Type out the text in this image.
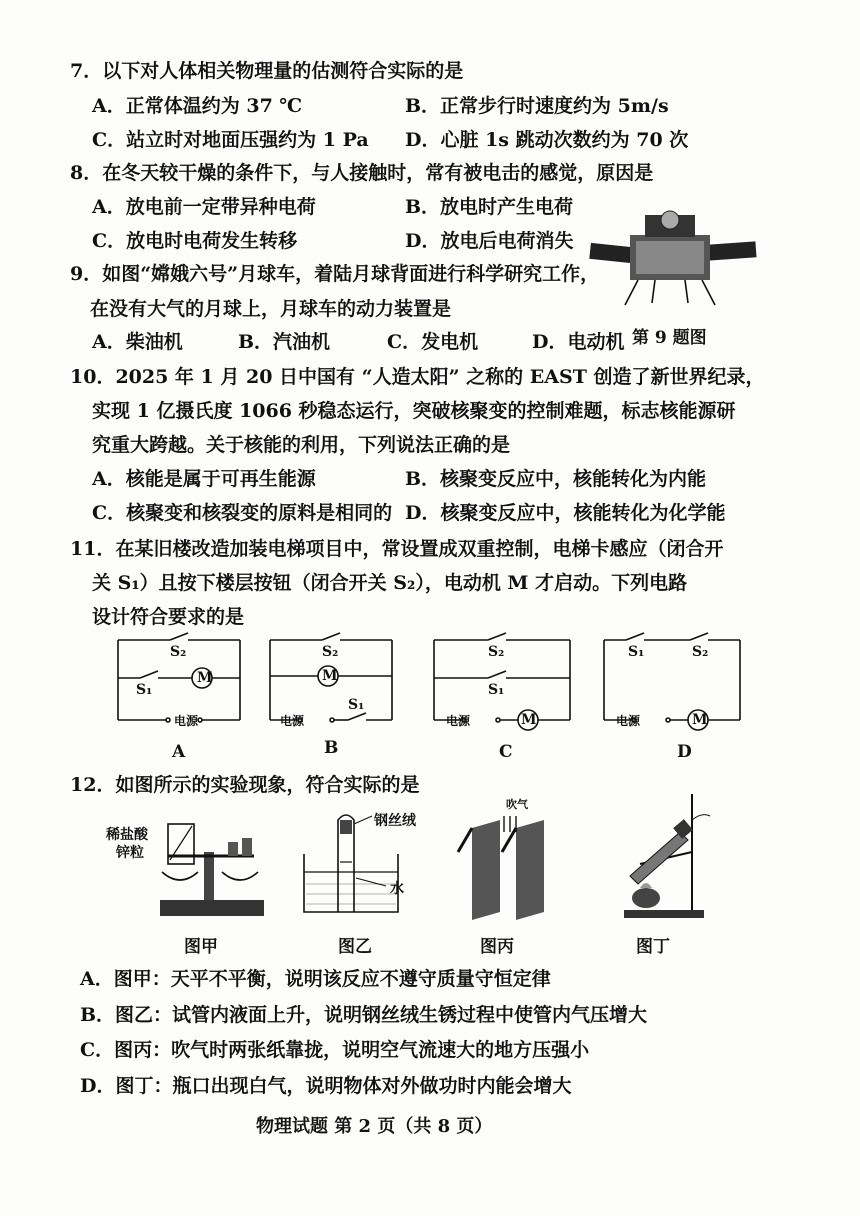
7．以下对人体相关物理量的估测符合实际的是
A．正常体温约为 37 ℃	B．正常步行时速度约为 5m/s
C．站立时对地面压强约为 1 Pa D．心脏 1s 跳动次数约为 70 次
8．在冬天较干燥的条件下，与人接触时，常有被电击的感觉，原因是
A．放电前一定带异种电荷	B．放电时产生电荷
C．放电时电荷发生转移	D．放电后电荷消失
9．如图“嫦娥六号”月球车，着陆月球背面进行科学研究工作，
在没有大气的月球上，月球车的动力装置是
A．柴油机	B．汽油机	C．发电机	D．电动机 第 9 题图
10．2025 年 1 月 20 日中国有 “人造太阳” 之称的 EAST 创造了新世界纪录，
实现 1 亿摄氏度 1066 秒稳态运行，突破核聚变的控制难题，标志核能源研
究重大跨越。关于核能的利用，下列说法正确的是
A．核能是属于可再生能源	B．核聚变反应中，核能转化为内能
C．核聚变和核裂变的原料是相同的 D．核聚变反应中，核能转化为化学能
11．在某旧楼改造加装电梯项目中，常设置成双重控制，电梯卡感应（闭合开
关 S₁）且按下楼层按钮（闭合开关 S₂），电动机 M 才启动。下列电路
设计符合要求的是
S₂
S₁
M
电源
A
S₂
M
S₁
电源
B
S₂
S₁
电源	M
C
S₁	S₂
电源	M
D
12．如图所示的实验现象，符合实际的是
稀盐酸
锌粒
图甲
钢丝绒
水
图乙
吹气
图丙	图丁
A．图甲：天平不平衡，说明该反应不遵守质量守恒定律
B．图乙：试管内液面上升，说明钢丝绒生锈过程中使管内气压增大
C．图丙：吹气时两张纸靠拢，说明空气流速大的地方压强小
D．图丁：瓶口出现白气，说明物体对外做功时内能会增大
物理试题 第 2 页（共 8 页）
